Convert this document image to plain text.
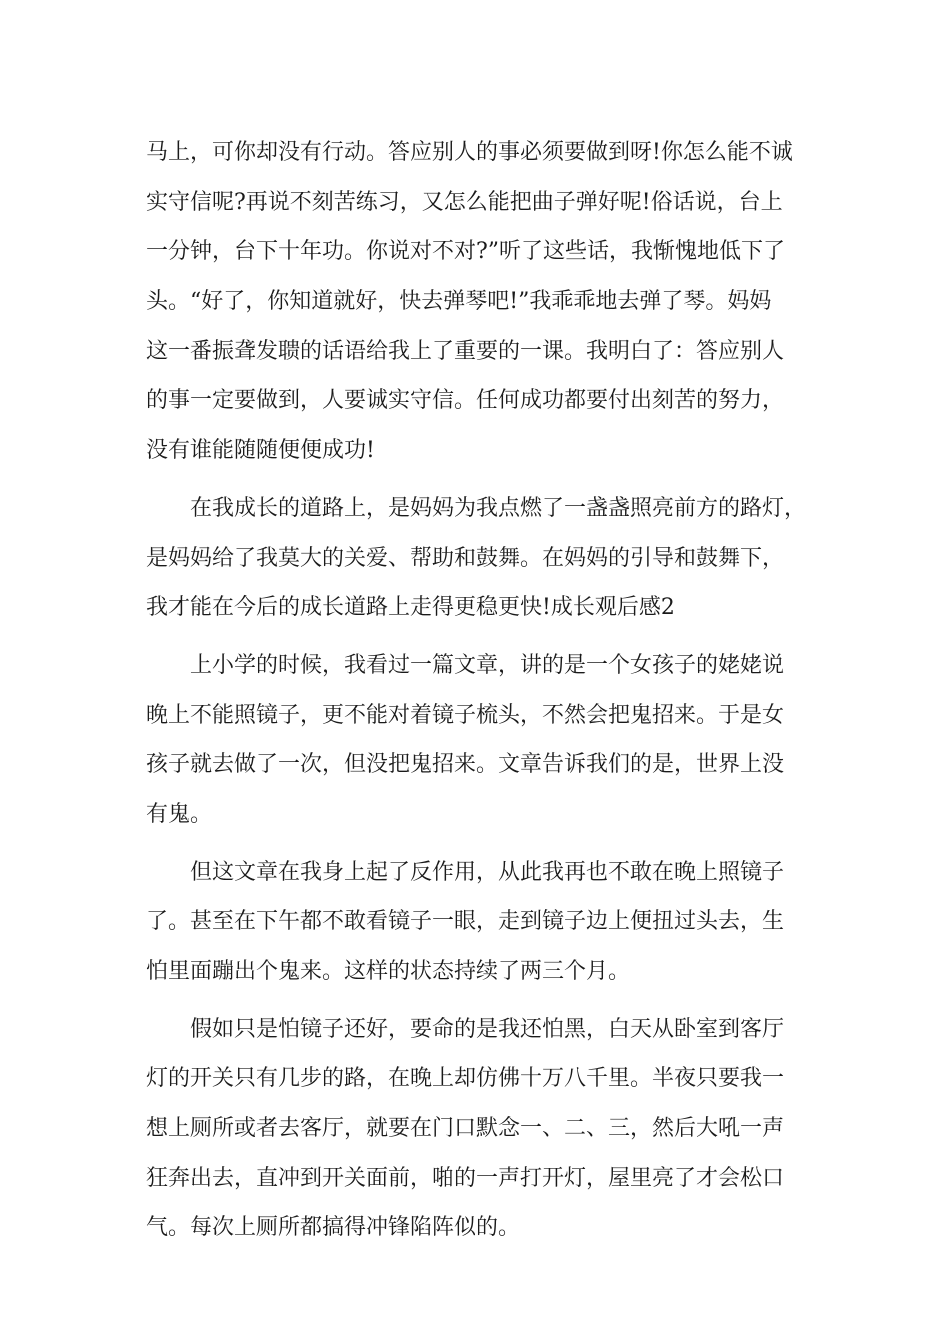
马上，可你却没有行动。答应别人的事必须要做到呀!你怎么能不诚
实守信呢?再说不刻苦练习，又怎么能把曲子弹好呢!俗话说，台上
一分钟，台下十年功。你说对不对?”听了这些话，我惭愧地低下了
头。“好了，你知道就好，快去弹琴吧!”我乖乖地去弹了琴。妈妈
这一番振聋发聩的话语给我上了重要的一课。我明白了：答应别人
的事一定要做到，人要诚实守信。任何成功都要付出刻苦的努力，
没有谁能随随便便成功!
　　在我成长的道路上，是妈妈为我点燃了一盏盏照亮前方的路灯，
是妈妈给了我莫大的关爱、帮助和鼓舞。在妈妈的引导和鼓舞下，
我才能在今后的成长道路上走得更稳更快!成长观后感2
　　上小学的时候，我看过一篇文章，讲的是一个女孩子的姥姥说
晚上不能照镜子，更不能对着镜子梳头，不然会把鬼招来。于是女
孩子就去做了一次，但没把鬼招来。文章告诉我们的是，世界上没
有鬼。
　　但这文章在我身上起了反作用，从此我再也不敢在晚上照镜子
了。甚至在下午都不敢看镜子一眼，走到镜子边上便扭过头去，生
怕里面蹦出个鬼来。这样的状态持续了两三个月。
　　假如只是怕镜子还好，要命的是我还怕黑，白天从卧室到客厅
灯的开关只有几步的路，在晚上却仿佛十万八千里。半夜只要我一
想上厕所或者去客厅，就要在门口默念一、二、三，然后大吼一声
狂奔出去，直冲到开关面前，啪的一声打开灯，屋里亮了才会松口
气。每次上厕所都搞得冲锋陷阵似的。
